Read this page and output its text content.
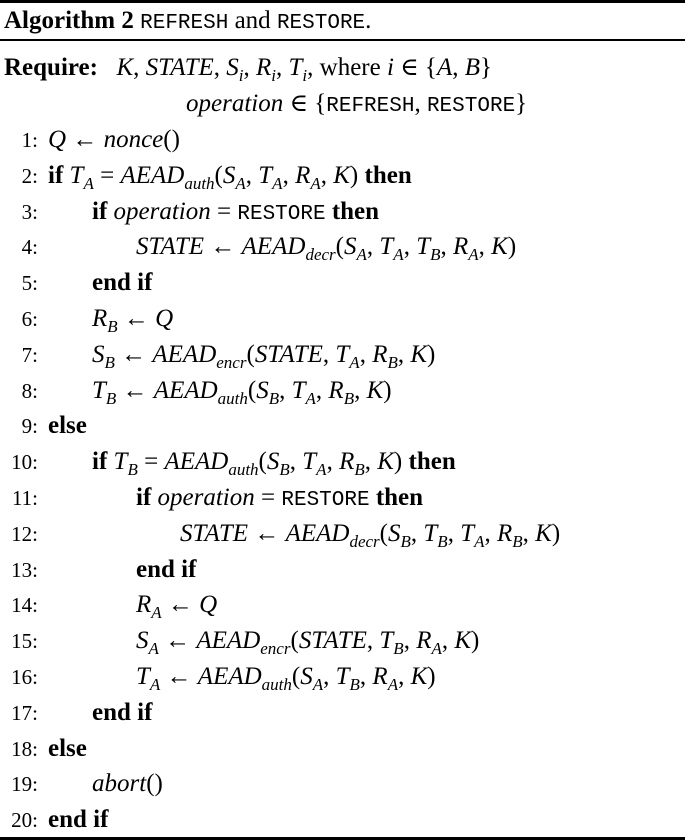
Algorithm 2 REFRESH and RESTORE.
Require: K, STATE, $S_i$, $R_i$, $T_i$, where i ∈ {A, B}
operation ∈ {REFRESH, RESTORE}
1: Q ← nonce()
2: if $T_A$ = $AEAD_{auth}(S_A$, $T_A$, $R_A$, K) then
3: if operation = RESTORE then
4:	STATE ← $AEAD_{decr}(S_A$, $T_A$, $T_B$, $R_A$, K)
5: end if
6: $R_B$ ← Q
7: $S_B$ ← $AEAD_{encr}(STATE$, $T_A$, $R_B$, K)
8: $T_B$ ← $AEAD_{auth}(S_B$, $T_A$, $R_B$, K)
9: else
10: if $T_B$ = $AEAD_{auth}(S_B$, $T_A$, $R_B$, K) then
11:	if operation = RESTORE then
12:	STATE ← $AEAD_{decr}(S_B$, $T_B$, $T_A$, $R_B$, K)
13:	end if
14:	$R_A$ ← Q
15:	$S_A$ ← $AEAD_{encr}(STATE$, $T_B$, $R_A$, K)
16:	$T_A$ ← $AEAD_{auth}(S_A$, $T_B$, $R_A$, K)
17: end if
18: else
19: abort()
20: end if
